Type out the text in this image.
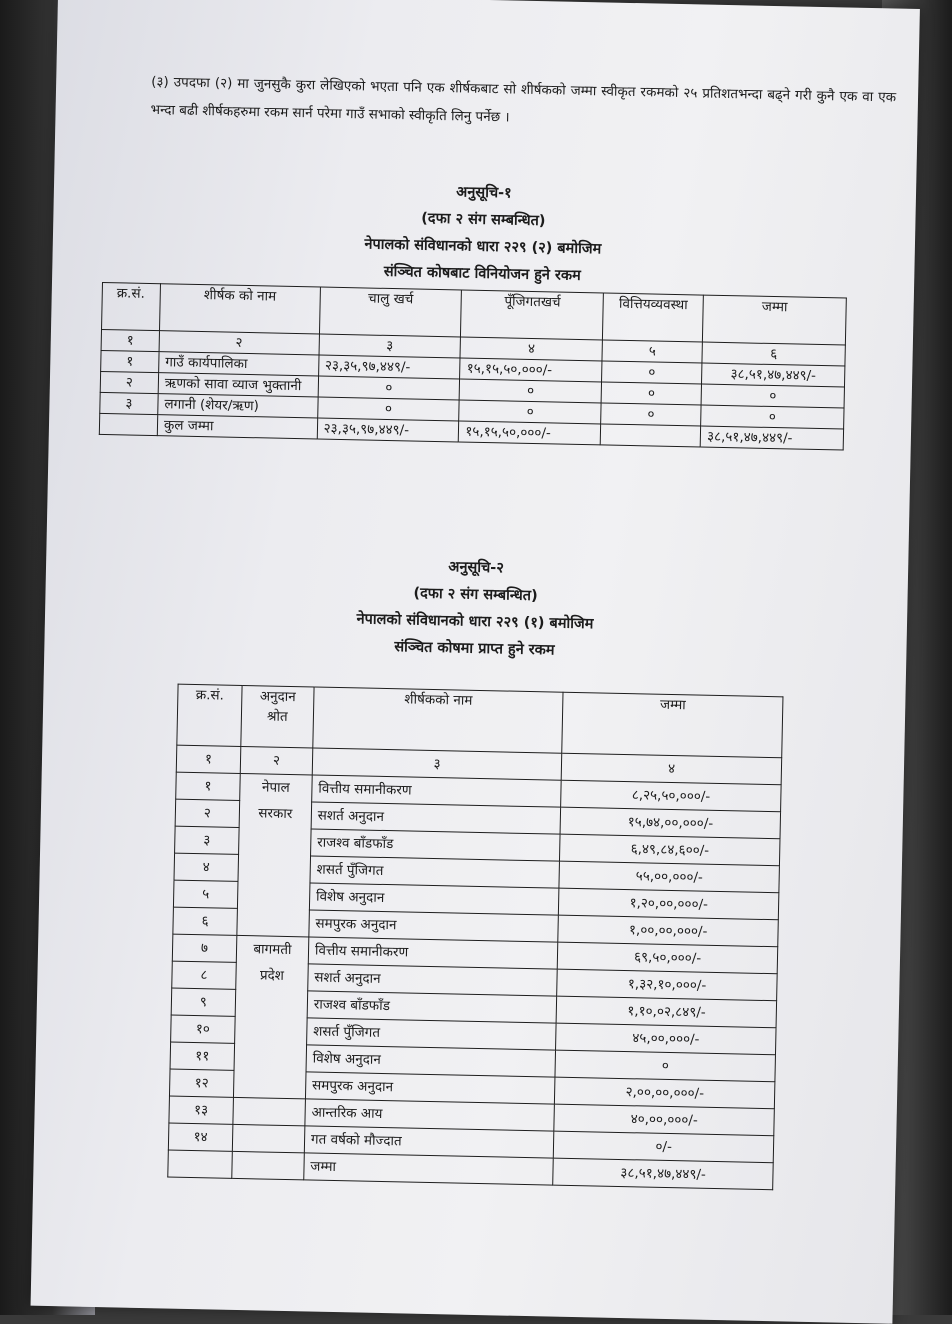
(३) उपदफा (२) मा जुनसुकै कुरा लेखिएको भएता पनि एक शीर्षकबाट सो शीर्षकको जम्मा स्वीकृत रकमको २५ प्रतिशतभन्दा बढ्ने गरी कुनै एक वा एक भन्दा बढी शीर्षकहरुमा रकम सार्न परेमा गाउँ सभाको स्वीकृति लिनु पर्नेछ ।

अनुसूचि-१
(दफा २ संग सम्बन्धित)
नेपालको संविधानको धारा २२९ (२) बमोजिम
संञ्चित कोषबाट विनियोजन हुने रकम
क्र.सं.	शीर्षक को नाम	चालु खर्च	पूँजिगतखर्च	वित्तियव्यवस्था	जम्मा
१	२	३	४	५	६
१	गाउँ कार्यपालिका	२३,३५,९७,४४९/-	१५,१५,५०,०००/-	०	३८,५१,४७,४४९/-
२	ऋणको सावा व्याज भुक्तानी	०	०	०	०
३	लगानी (शेयर/ऋण)	०	०	०	०
	कुल जम्मा	२३,३५,९७,४४९/-	१५,१५,५०,०००/-		३८,५१,४७,४४९/-
अनुसूचि-२
(दफा २ संग सम्बन्धित)
नेपालको संविधानको धारा २२९ (१) बमोजिम
संञ्चित कोषमा प्राप्त हुने रकम
क्र.सं.	अनुदान श्रोत	शीर्षकको नाम	जम्मा
१	२	३	४
१	नेपाल सरकार	वित्तीय समानीकरण	८,२५,५०,०००/-
२		सशर्त अनुदान	१५,७४,००,०००/-
३		राजश्व बाँडफाँड	६,४९,८४,६००/-
४		शसर्त पुँजिगत	५५,००,०००/-
५		विशेष अनुदान	१,२०,००,०००/-
६		समपुरक अनुदान	१,००,००,०००/-
७	बागमती प्रदेश	वित्तीय समानीकरण	६९,५०,०००/-
८		सशर्त अनुदान	१,३२,१०,०००/-
९		राजश्व बाँडफाँड	१,१०,०२,८४९/-
१०		शसर्त पुँजिगत	४५,००,०००/-
११		विशेष अनुदान	०
१२		समपुरक अनुदान	२,००,००,०००/-
१३		आन्तरिक आय	४०,००,०००/-
१४		गत वर्षको मौज्दात	०/-
		जम्मा	३८,५१,४७,४४९/-
